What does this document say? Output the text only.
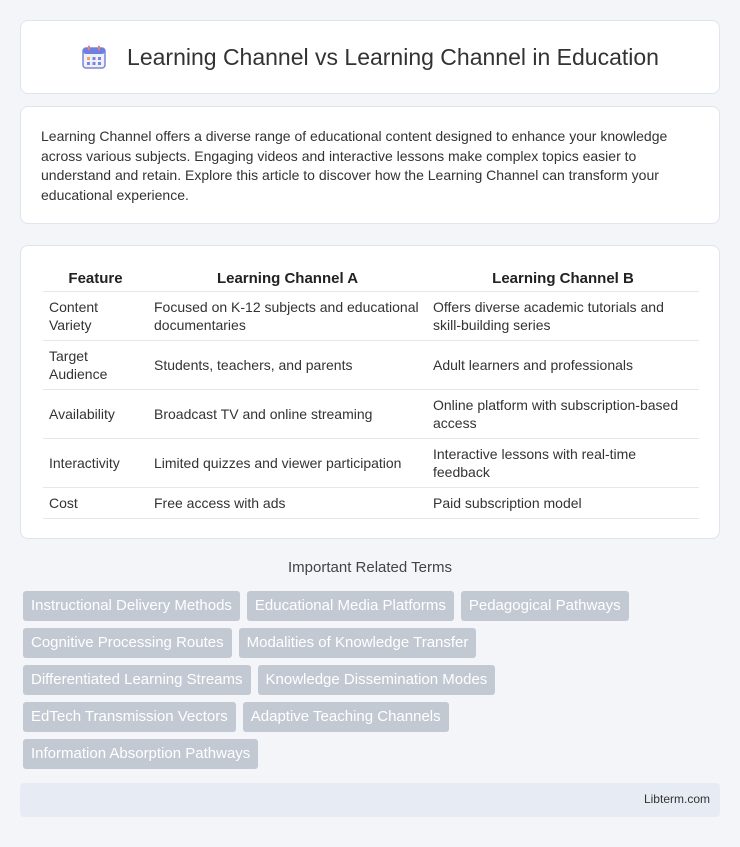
Learning Channel vs Learning Channel in Education

Learning Channel offers a diverse range of educational content designed to enhance your knowledge across various subjects. Engaging videos and interactive lessons make complex topics easier to understand and retain. Explore this article to discover how the Learning Channel can transform your educational experience.

Feature	Learning Channel A	Learning Channel B
Content Variety	Focused on K-12 subjects and educational documentaries	Offers diverse academic tutorials and skill-building series
Target Audience	Students, teachers, and parents	Adult learners and professionals
Availability	Broadcast TV and online streaming	Online platform with subscription-based access
Interactivity	Limited quizzes and viewer participation	Interactive lessons with real-time feedback
Cost	Free access with ads	Paid subscription model
Important Related Terms
Instructional Delivery Methods	Educational Media Platforms	Pedagogical Pathways
Cognitive Processing Routes	Modalities of Knowledge Transfer
Differentiated Learning Streams	Knowledge Dissemination Modes
EdTech Transmission Vectors	Adaptive Teaching Channels
Information Absorption Pathways
Libterm.com
